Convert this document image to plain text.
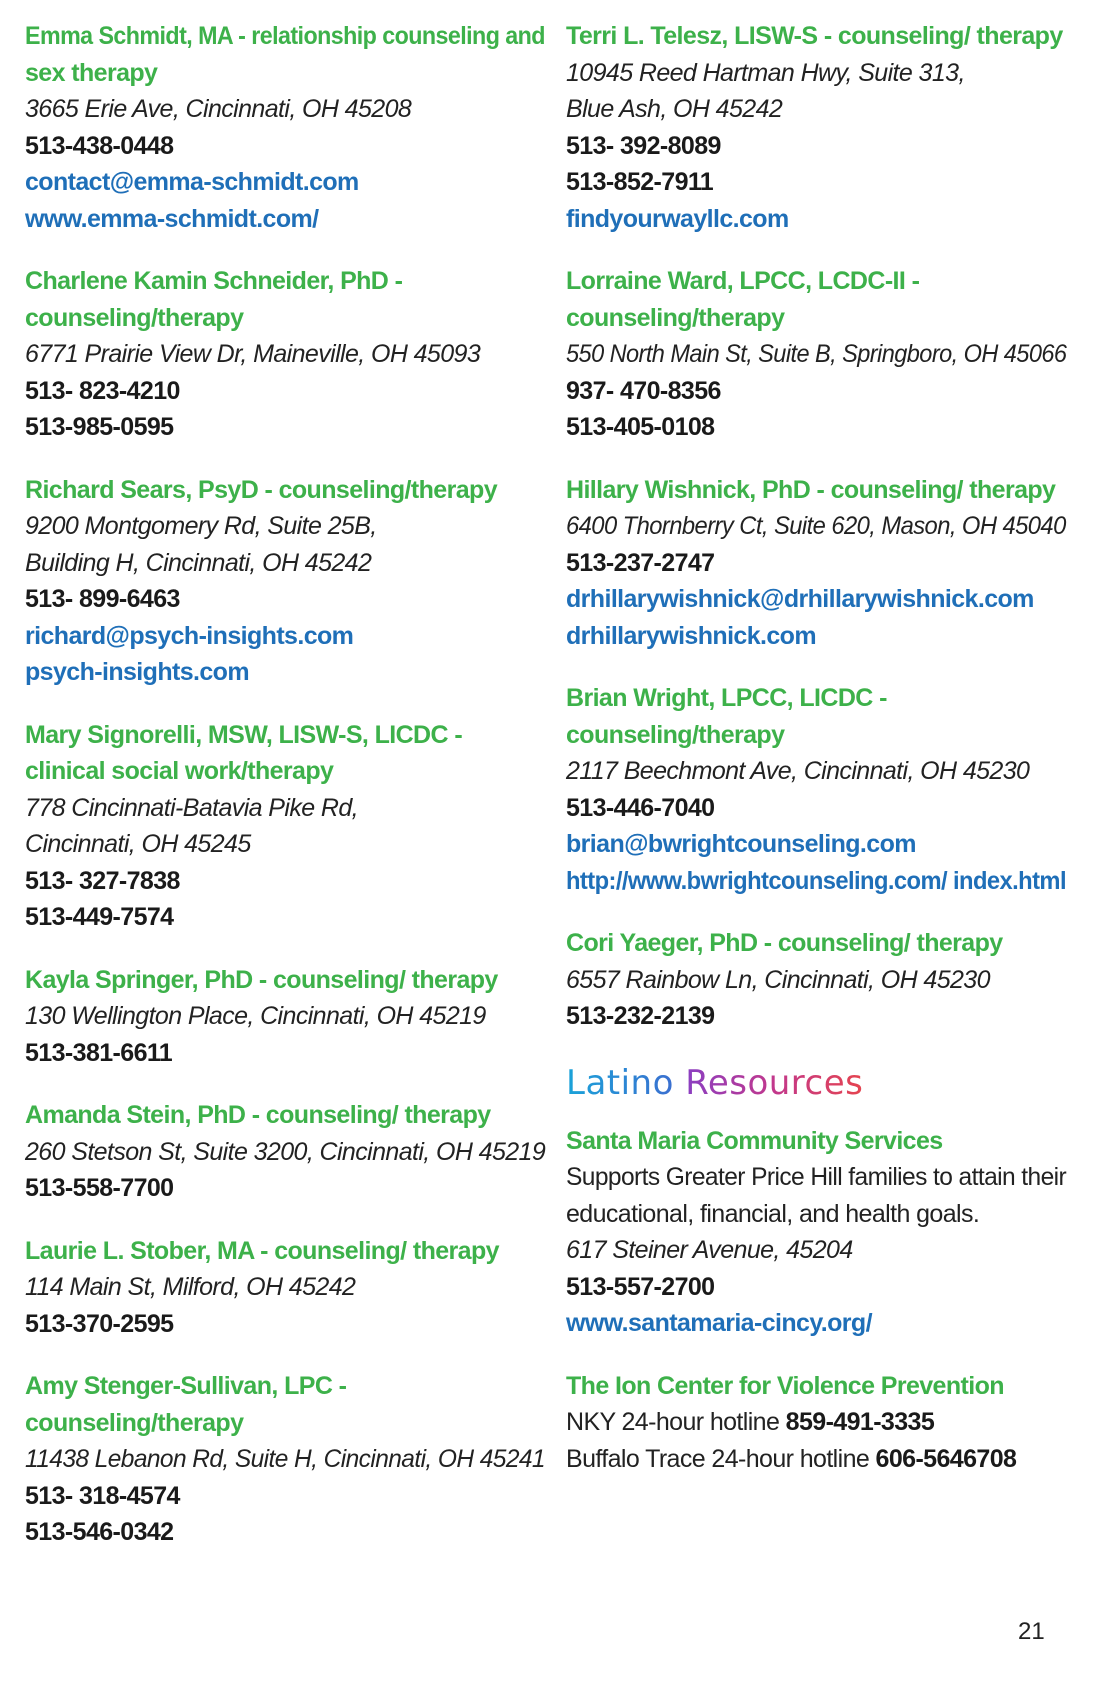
Emma Schmidt, MA - relationship counseling and
sex therapy
3665 Erie Ave, Cincinnati, OH 45208
513-438-0448
contact@emma-schmidt.com
www.emma-schmidt.com/
Charlene Kamin Schneider, PhD -
counseling/therapy
6771 Prairie View Dr, Maineville, OH 45093
513- 823-4210
513-985-0595
Richard Sears, PsyD - counseling/therapy
9200 Montgomery Rd, Suite 25B,
Building H, Cincinnati, OH 45242
513- 899-6463
richard@psych-insights.com
psych-insights.com
Mary Signorelli, MSW, LISW-S, LICDC -
clinical social work/therapy
778 Cincinnati-Batavia Pike Rd,
Cincinnati, OH 45245
513- 327-7838
513-449-7574
Kayla Springer, PhD - counseling/ therapy
130 Wellington Place, Cincinnati, OH 45219
513-381-6611
Amanda Stein, PhD - counseling/ therapy
260 Stetson St, Suite 3200, Cincinnati, OH 45219
513-558-7700
Laurie L. Stober, MA - counseling/ therapy
114 Main St, Milford, OH 45242
513-370-2595
Amy Stenger-Sullivan, LPC -
counseling/therapy
11438 Lebanon Rd, Suite H, Cincinnati, OH 45241
513- 318-4574
513-546-0342
Terri L. Telesz, LISW-S - counseling/ therapy
10945 Reed Hartman Hwy, Suite 313,
Blue Ash, OH 45242
513- 392-8089
513-852-7911
findyourwayllc.com
Lorraine Ward, LPCC, LCDC-II -
counseling/therapy
550 North Main St, Suite B, Springboro, OH 45066
937- 470-8356
513-405-0108
Hillary Wishnick, PhD - counseling/ therapy
6400 Thornberry Ct, Suite 620, Mason, OH 45040
513-237-2747
drhillarywishnick@drhillarywishnick.com
drhillarywishnick.com
Brian Wright, LPCC, LICDC -
counseling/therapy
2117 Beechmont Ave, Cincinnati, OH 45230
513-446-7040
brian@bwrightcounseling.com
http://www.bwrightcounseling.com/ index.html
Cori Yaeger, PhD - counseling/ therapy
6557 Rainbow Ln, Cincinnati, OH 45230
513-232-2139
Latino Resources
Santa Maria Community Services
Supports Greater Price Hill families to attain their
educational, financial, and health goals.
617 Steiner Avenue, 45204
513-557-2700
www.santamaria-cincy.org/
The Ion Center for Violence Prevention
NKY 24-hour hotline 859-491-3335
Buffalo Trace 24-hour hotline 606-5646708
21
